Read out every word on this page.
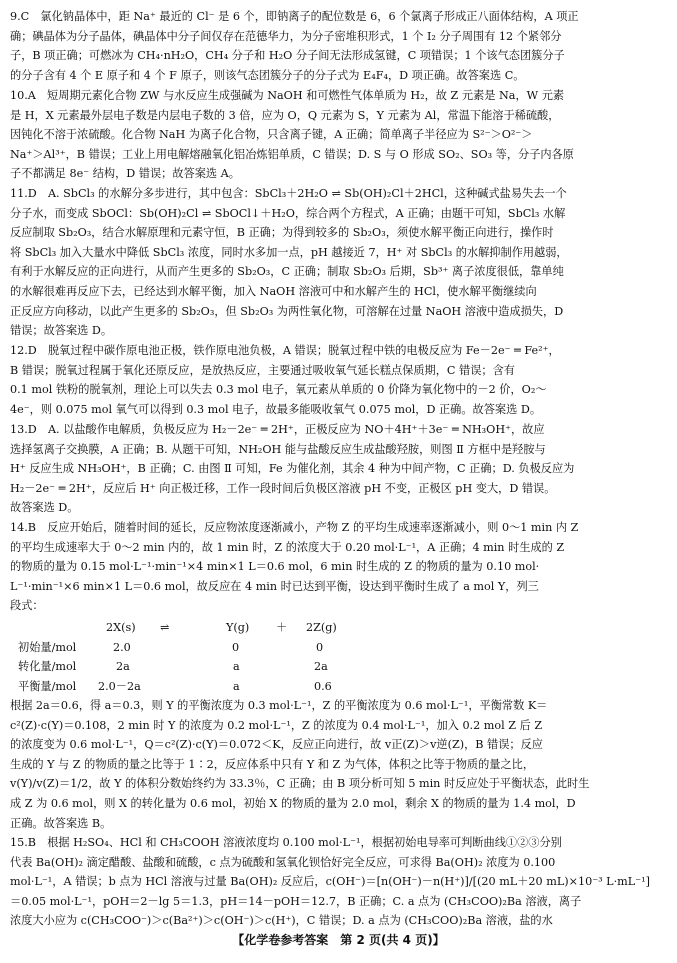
9.C　氯化钠晶体中，距 Na⁺ 最近的 Cl⁻ 是 6 个，即钠离子的配位数是 6，6 个氯离子形成正八面体结构，A 项正
确；碘晶体为分子晶体，碘晶体中分子间仅存在范德华力，为分子密堆积形式，1 个 I₂ 分子周围有 12 个紧邻分
子，B 项正确；可燃冰为 CH₄·nH₂O，CH₄ 分子和 H₂O 分子间无法形成氢键，C 项错误；1 个该气态团簇分子
的分子含有 4 个 E 原子和 4 个 F 原子，则该气态团簇分子的分子式为 E₄F₄，D 项正确。故答案选 C。
10.A　短周期元素化合物 ZW 与水反应生成强碱为 NaOH 和可燃性气体单质为 H₂，故 Z 元素是 Na，W 元素
是 H，X 元素最外层电子数是内层电子数的 3 倍，应为 O，Q 元素为 S，Y 元素为 Al，常温下能溶于稀硫酸，
因钝化不溶于浓硫酸。化合物 NaH 为离子化合物，只含离子键，A 正确；简单离子半径应为 S²⁻＞O²⁻＞
Na⁺＞Al³⁺，B 错误；工业上用电解熔融氧化铝冶炼铝单质，C 错误；D. S 与 O 形成 SO₂、SO₃ 等，分子内各原
子不都满足 8e⁻ 结构，D 错误；故答案选 A。
11.D　A. SbCl₃ 的水解分多步进行，其中包含：SbCl₃＋2H₂O ⇌ Sb(OH)₂Cl＋2HCl，这种碱式盐易失去一个
分子水，而变成 SbOCl：Sb(OH)₂Cl ⇌ SbOCl↓＋H₂O，综合两个方程式，A 正确；由题干可知，SbCl₃ 水解
反应制取 Sb₂O₃，结合水解原理和元素守恒，B 正确；为得到较多的 Sb₂O₃，须使水解平衡正向进行，操作时
将 SbCl₃ 加入大量水中降低 SbCl₃ 浓度，同时水多加一点，pH 越接近 7，H⁺ 对 SbCl₃ 的水解抑制作用越弱，
有利于水解反应的正向进行，从而产生更多的 Sb₂O₃，C 正确；制取 Sb₂O₃ 后期，Sb³⁺ 离子浓度很低，靠单纯
的水解很难再反应下去，已经达到水解平衡，加入 NaOH 溶液可中和水解产生的 HCl，使水解平衡继续向
正反应方向移动，以此产生更多的 Sb₂O₃，但 Sb₂O₃ 为两性氧化物，可溶解在过量 NaOH 溶液中造成损失，D
错误；故答案选 D。
12.D　脱氧过程中碳作原电池正极，铁作原电池负极，A 错误；脱氧过程中铁的电极反应为 Fe－2e⁻ ═ Fe²⁺，
B 错误；脱氧过程属于氧化还原反应，是放热反应，主要通过吸收氧气延长糕点保质期，C 错误；含有
0.1 mol 铁粉的脱氧剂，理论上可以失去 0.3 mol 电子，氧元素从单质的 0 价降为氧化物中的－2 价，O₂～
4e⁻，则 0.075 mol 氧气可以得到 0.3 mol 电子，故最多能吸收氧气 0.075 mol，D 正确。故答案选 D。
13.D　A. 以盐酸作电解质，负极反应为 H₂－2e⁻ ═ 2H⁺，正极反应为 NO＋4H⁺＋3e⁻ ═ NH₃OH⁺，故应
选择氢离子交换膜，A 正确；B. 从题干可知，NH₂OH 能与盐酸反应生成盐酸羟胺，则图 Ⅱ 方框中是羟胺与
H⁺ 反应生成 NH₃OH⁺，B 正确；C. 由图 Ⅱ 可知，Fe 为催化剂，其余 4 种为中间产物，C 正确；D. 负极反应为
H₂－2e⁻ ═ 2H⁺，反应后 H⁺ 向正极迁移，工作一段时间后负极区溶液 pH 不变，正极区 pH 变大，D 错误。
故答案选 D。
14.B　反应开始后，随着时间的延长，反应物浓度逐渐减小，产物 Z 的平均生成速率逐渐减小，则 0～1 min 内 Z
的平均生成速率大于 0～2 min 内的，故 1 min 时，Z 的浓度大于 0.20 mol·L⁻¹，A 正确；4 min 时生成的 Z
的物质的量为 0.15 mol·L⁻¹·min⁻¹×4 min×1 L＝0.6 mol，6 min 时生成的 Z 的物质的量为 0.10 mol·
L⁻¹·min⁻¹×6 min×1 L＝0.6 mol，故反应在 4 min 时已达到平衡，设达到平衡时生成了 a mol Y，列三
段式：
2X(s) ⇌	Y(g) ＋ 2Z(g)
初始量/mol	2.0	0	0
转化量/mol	2a	a	2a
平衡量/mol 2.0－2a	a	0.6
根据 2a＝0.6，得 a＝0.3，则 Y 的平衡浓度为 0.3 mol·L⁻¹，Z 的平衡浓度为 0.6 mol·L⁻¹，平衡常数 K＝
c²(Z)·c(Y)＝0.108，2 min 时 Y 的浓度为 0.2 mol·L⁻¹，Z 的浓度为 0.4 mol·L⁻¹，加入 0.2 mol Z 后 Z
的浓度变为 0.6 mol·L⁻¹，Q＝c²(Z)·c(Y)＝0.072＜K，反应正向进行，故 v正(Z)＞v逆(Z)，B 错误；反应
生成的 Y 与 Z 的物质的量之比等于 1∶2，反应体系中只有 Y 和 Z 为气体，体积之比等于物质的量之比，
v(Y)/v(Z)＝1/2，故 Y 的体积分数始终约为 33.3％，C 正确；由 B 项分析可知 5 min 时反应处于平衡状态，此时生
成 Z 为 0.6 mol，则 X 的转化量为 0.6 mol，初始 X 的物质的量为 2.0 mol，剩余 X 的物质的量为 1.4 mol，D
正确。故答案选 B。
15.B　根据 H₂SO₄、HCl 和 CH₃COOH 溶液浓度均 0.100 mol·L⁻¹，根据初始电导率可判断曲线①②③分别
代表 Ba(OH)₂ 滴定醋酸、盐酸和硫酸，c 点为硫酸和氢氧化钡恰好完全反应，可求得 Ba(OH)₂ 浓度为 0.100
mol·L⁻¹，A 错误；b 点为 HCl 溶液与过量 Ba(OH)₂ 反应后，c(OH⁻)＝[n(OH⁻)－n(H⁺)]/[(20 mL＋20 mL)×10⁻³ L·mL⁻¹]
＝0.05 mol·L⁻¹，pOH＝2－lg 5＝1.3，pH＝14－pOH＝12.7，B 正确；C. a 点为 (CH₃COO)₂Ba 溶液，离子
浓度大小应为 c(CH₃COO⁻)＞c(Ba²⁺)＞c(OH⁻)＞c(H⁺)，C 错误；D. a 点为 (CH₃COO)₂Ba 溶液，盐的水
【化学卷参考答案　第 2 页(共 4 页)】
